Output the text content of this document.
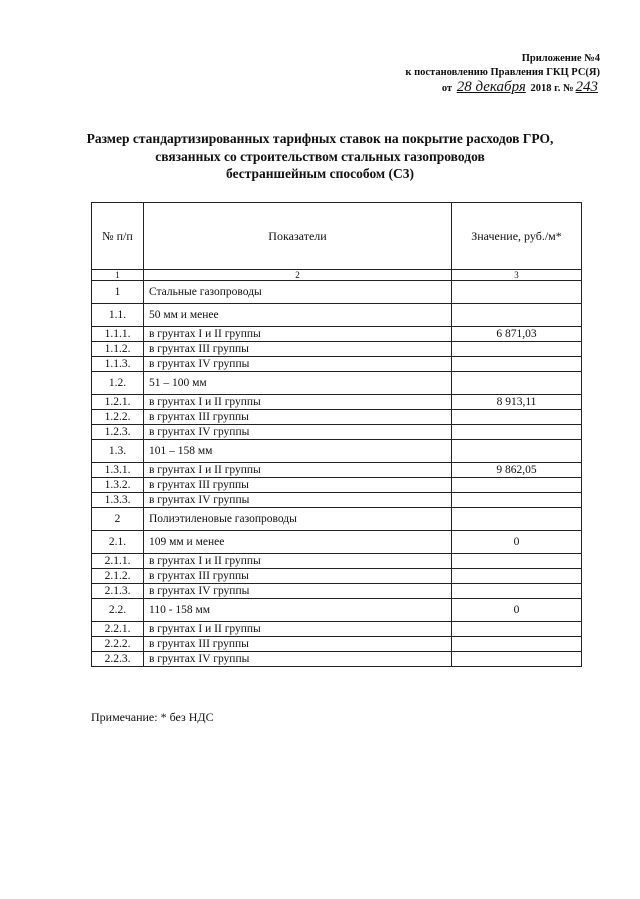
Приложение №4
к постановлению Правления ГКЦ РС(Я)
от 28 декабря 2018 г. № 243
Размер стандартизированных тарифных ставок на покрытие расходов ГРО,
связанных со строительством стальных газопроводов
бестраншейным способом (С3)
№ п/п	Показатели	Значение, руб./м*
1	2	3
1	Стальные газопроводы	
1.1.	50 мм и менее	
1.1.1.	в грунтах I и II группы	6 871,03
1.1.2.	в грунтах III группы	
1.1.3.	в грунтах IV группы	
1.2.	51 – 100 мм	
1.2.1.	в грунтах I и II группы	8 913,11
1.2.2.	в грунтах III группы	
1.2.3.	в грунтах IV группы	
1.3.	101 – 158 мм	
1.3.1.	в грунтах I и II группы	9 862,05
1.3.2.	в грунтах III группы	
1.3.3.	в грунтах IV группы	
2	Полиэтиленовые газопроводы	
2.1.	109 мм и менее	0
2.1.1.	в грунтах I и II группы	
2.1.2.	в грунтах III группы	
2.1.3.	в грунтах IV группы	
2.2.	110 - 158 мм	0
2.2.1.	в грунтах I и II группы	
2.2.2.	в грунтах III группы	
2.2.3.	в грунтах IV группы	
Примечание: * без НДС
